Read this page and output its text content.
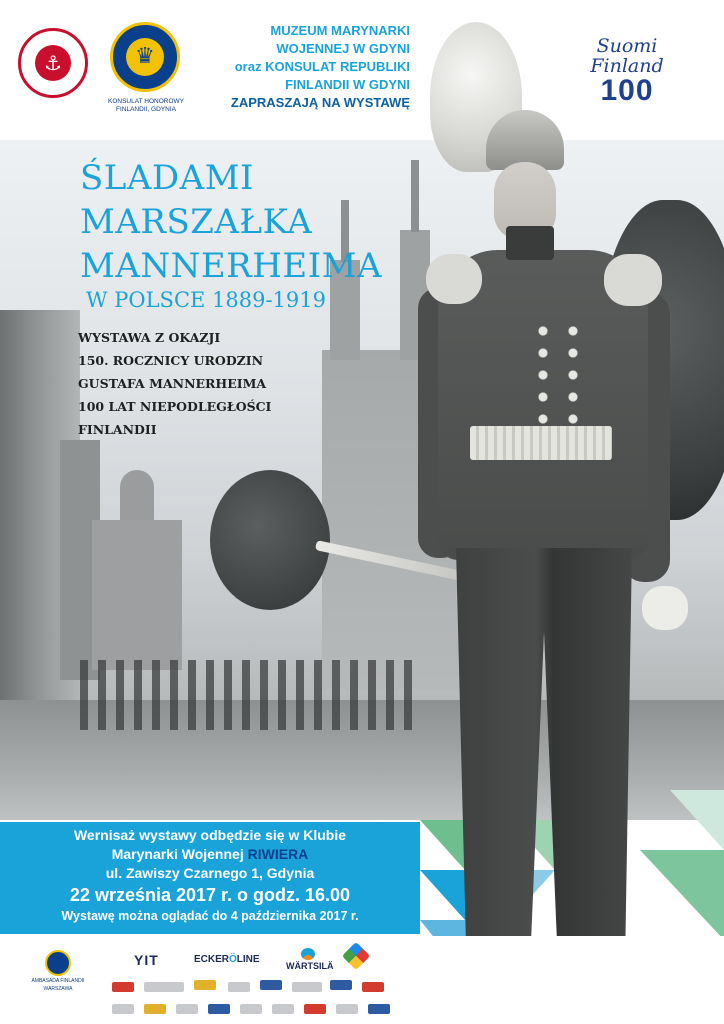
⚓	♛
KONSULAT HONOROWY
FINLANDII, GDYNIA
MUZEUM MARYNARKI
WOJENNEJ W GDYNI
oraz KONSULAT REPUBLIKI
FINLANDII W GDYNI
ZAPRASZAJĄ NA WYSTAWĘ
Suomi
Finland
100
ŚLADAMI
MARSZAŁKA
MANNERHEIMA
W POLSCE 1889-1919
WYSTAWA Z OKAZJI
150. ROCZNICY URODZIN
GUSTAFA MANNERHEIMA
100 LAT NIEPODLEGŁOŚCI
FINLANDII
Wernisaż wystawy odbędzie się w Klubie
Marynarki Wojennej RIWIERA
ul. Zawiszy Czarnego 1, Gdynia
22 września 2017 r. o godz. 16.00
Wystawę można oglądać do 4 października 2017 r.
AMBASADA FINLANDII
WARSZAWA
YIT	ECKERÖLINE
WÄRTSILÄ
